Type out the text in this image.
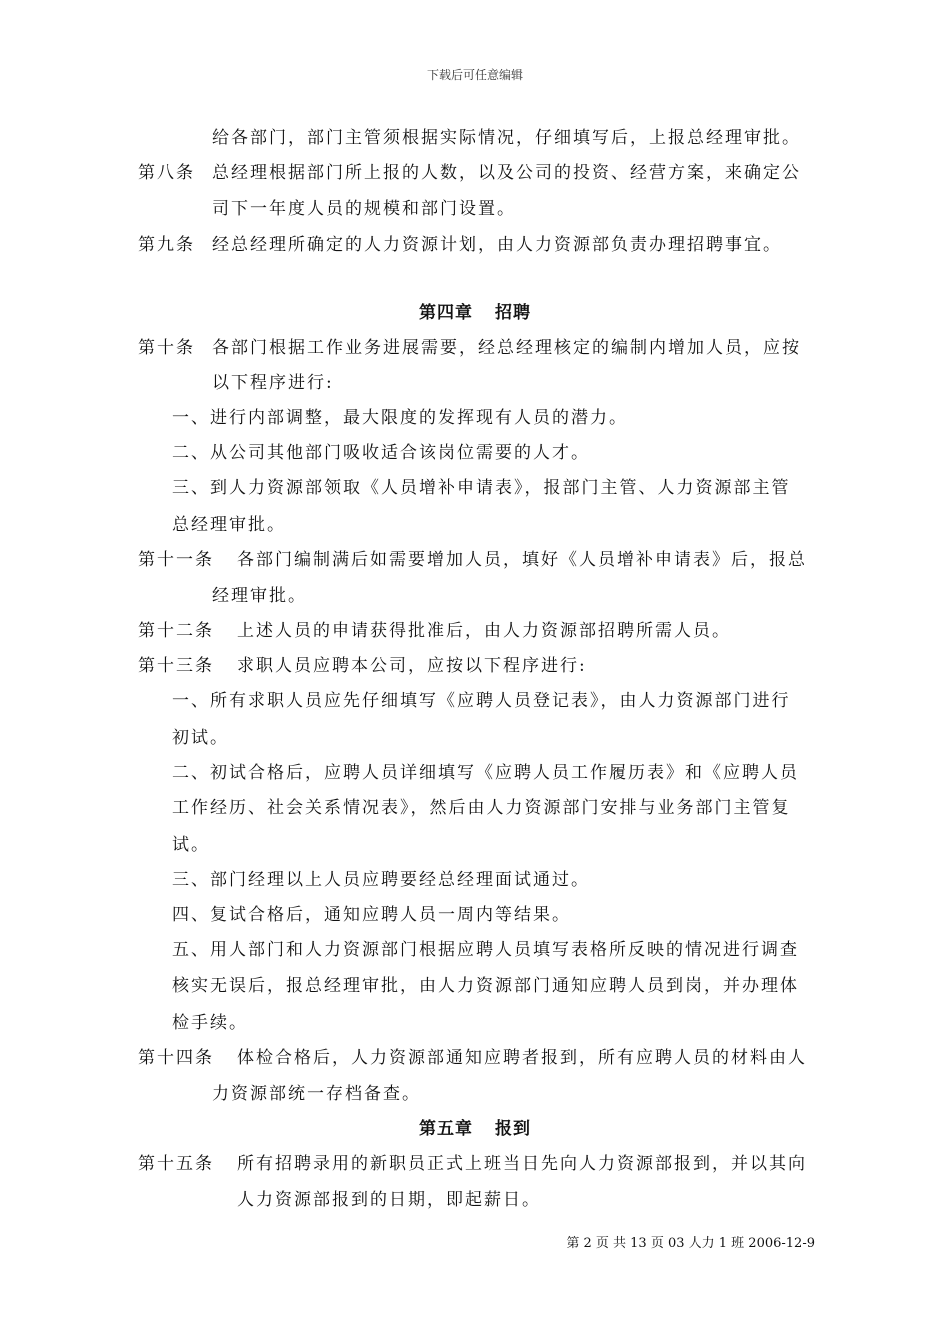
下载后可任意编辑
给各部门，部门主管须根据实际情况，仔细填写后，上报总经理审批。
第八条 总经理根据部门所上报的人数，以及公司的投资、经营方案，来确定公
司下一年度人员的规模和部门设置。
第九条 经总经理所确定的人力资源计划，由人力资源部负责办理招聘事宜。
第四章 招聘
第十条 各部门根据工作业务进展需要，经总经理核定的编制内增加人员，应按
以下程序进行:
一、进行内部调整，最大限度的发挥现有人员的潜力。
二、从公司其他部门吸收适合该岗位需要的人才。
三、到人力资源部领取《人员增补申请表》，报部门主管、人力资源部主管
总经理审批。
第十一条 各部门编制满后如需要增加人员，填好《人员增补申请表》后，报总
经理审批。
第十二条 上述人员的申请获得批准后，由人力资源部招聘所需人员。
第十三条 求职人员应聘本公司，应按以下程序进行:
一、所有求职人员应先仔细填写《应聘人员登记表》，由人力资源部门进行
初试。
二、初试合格后，应聘人员详细填写《应聘人员工作履历表》和《应聘人员
工作经历、社会关系情况表》，然后由人力资源部门安排与业务部门主管复
试。
三、部门经理以上人员应聘要经总经理面试通过。
四、复试合格后，通知应聘人员一周内等结果。
五、用人部门和人力资源部门根据应聘人员填写表格所反映的情况进行调查
核实无误后，报总经理审批，由人力资源部门通知应聘人员到岗，并办理体
检手续。
第十四条 体检合格后，人力资源部通知应聘者报到，所有应聘人员的材料由人
力资源部统一存档备查。
第五章 报到
第十五条 所有招聘录用的新职员正式上班当日先向人力资源部报到，并以其向
人力资源部报到的日期，即起薪日。
第 2 页 共 13 页 03 人力 1 班 2006-12-9
